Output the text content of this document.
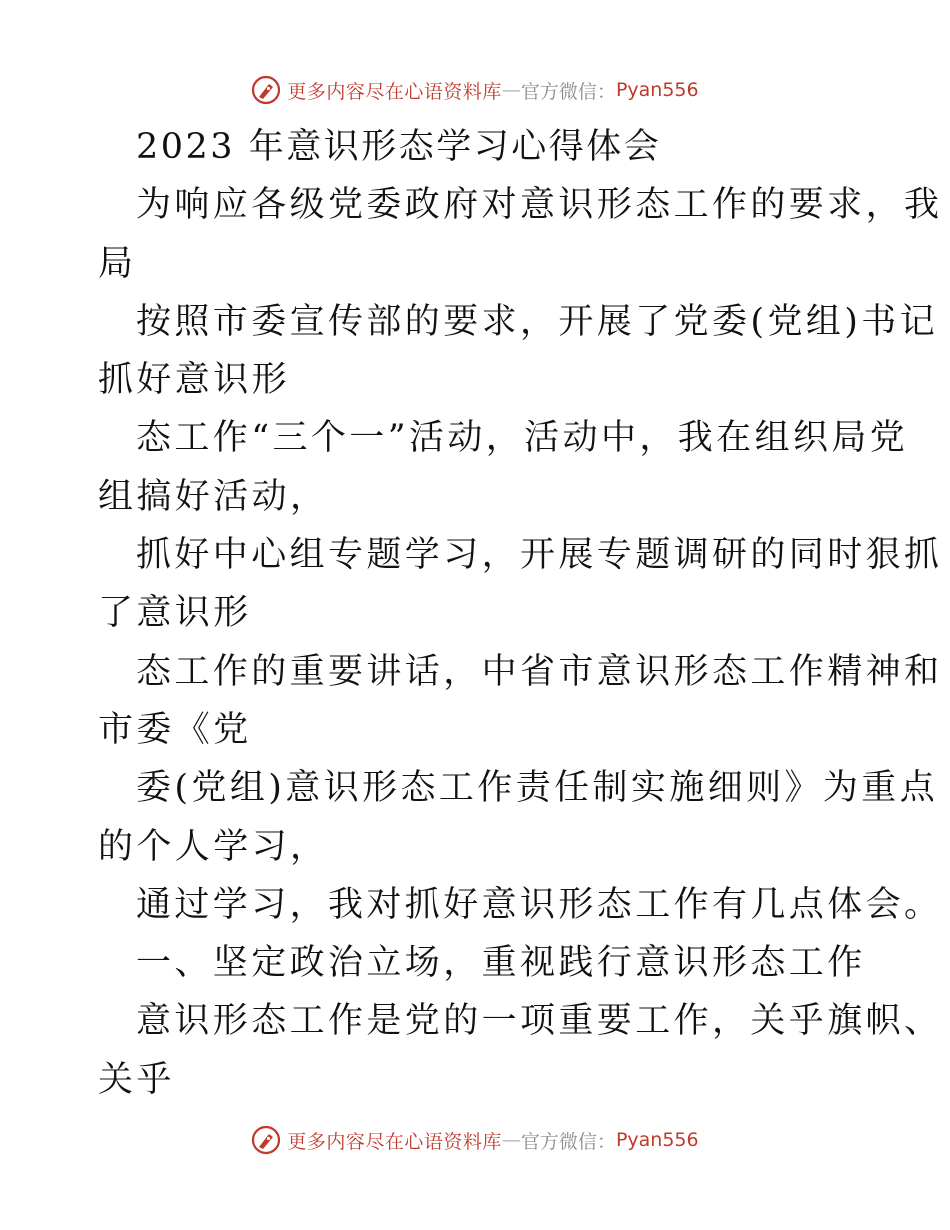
更多内容尽在心语资料库 — 官方微信： Pyan556
2023 年意识形态学习心得体会
为响应各级党委政府对意识形态工作的要求，我
局
按照市委宣传部的要求，开展了党委(党组)书记
抓好意识形
态工作“三个一”活动，活动中，我在组织局党
组搞好活动，
抓好中心组专题学习，开展专题调研的同时狠抓
了意识形
态工作的重要讲话，中省市意识形态工作精神和
市委《党
委(党组)意识形态工作责任制实施细则》为重点
的个人学习，
通过学习，我对抓好意识形态工作有几点体会。
一、坚定政治立场，重视践行意识形态工作
意识形态工作是党的一项重要工作，关乎旗帜、
关乎
更多内容尽在心语资料库 — 官方微信： Pyan556
